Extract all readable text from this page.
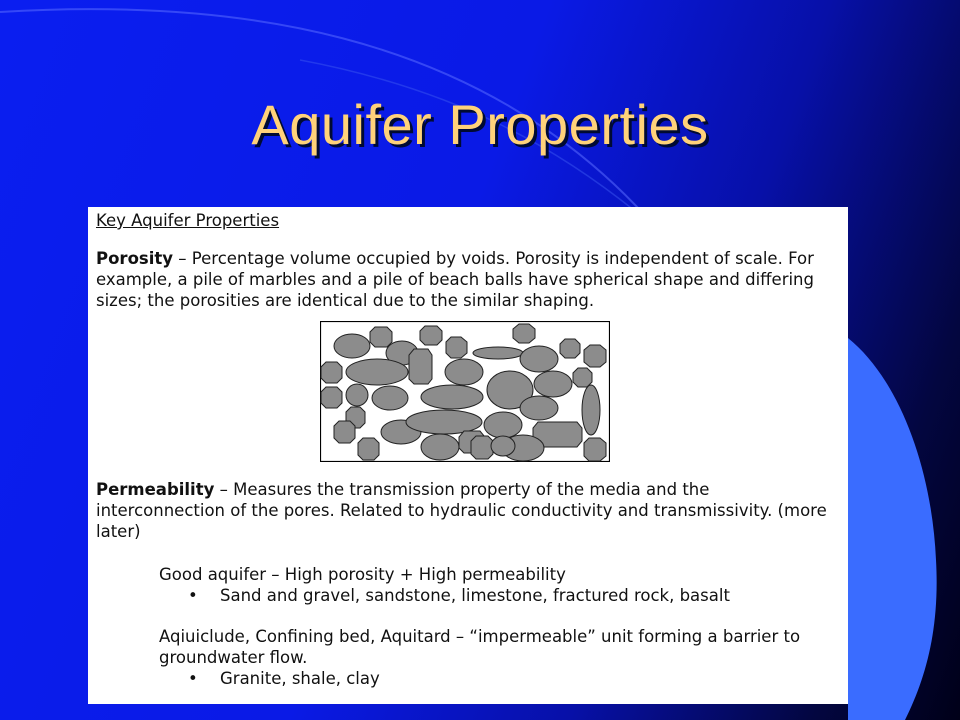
Aquifer Properties
Key Aquifer Properties

Porosity – Percentage volume occupied by voids. Porosity is independent of scale. For example, a pile of marbles and a pile of beach balls have spherical shape and differing sizes; the porosities are identical due to the similar shaping.

Permeability – Measures the transmission property of the media and the interconnection of the pores. Related to hydraulic conductivity and transmissivity. (more later)

Good aquifer – High porosity + High permeability
• Sand and gravel, sandstone, limestone, fractured rock, basalt
Aqiuiclude, Confining bed, Aquitard – “impermeable” unit forming a barrier to groundwater flow.
• Granite, shale, clay
